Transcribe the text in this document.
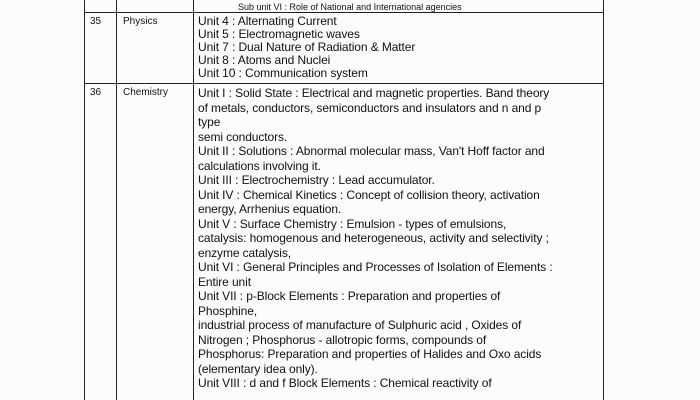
Sub unit VI : Role of National and International agencies
35 Physics	Unit 4 : Alternating Current
Unit 5 : Electromagnetic waves
Unit 7 : Dual Nature of Radiation & Matter
Unit 8 : Atoms and Nuclei
Unit 10 : Communication system
36 Chemistry Unit I : Solid State : Electrical and magnetic properties. Band theory
of metals, conductors, semiconductors and insulators and n and p
type
semi conductors.
Unit II : Solutions : Abnormal molecular mass, Van't Hoff factor and
calculations involving it.
Unit III : Electrochemistry : Lead accumulator.
Unit IV : Chemical Kinetics : Concept of collision theory, activation
energy, Arrhenius equation.
Unit V : Surface Chemistry : Emulsion - types of emulsions,
catalysis: homogenous and heterogeneous, activity and selectivity ;
enzyme catalysis,
Unit VI : General Principles and Processes of Isolation of Elements :
Entire unit
Unit VII : p-Block Elements : Preparation and properties of
Phosphine,
industrial process of manufacture of Sulphuric acid , Oxides of
Nitrogen ; Phosphorus - allotropic forms, compounds of
Phosphorus: Preparation and properties of Halides and Oxo acids
(elementary idea only).
Unit VIII : d and f Block Elements : Chemical reactivity of
